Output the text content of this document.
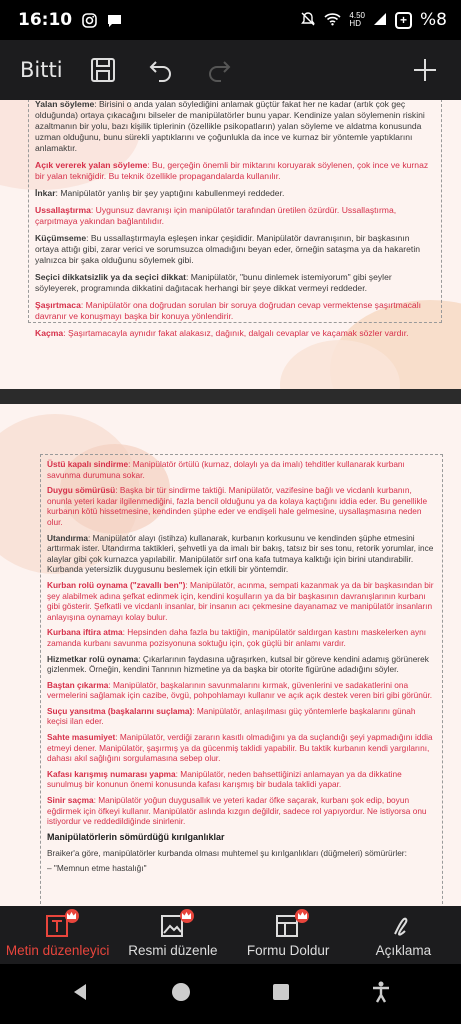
16:10	4.50
HD	+ %8
Bitti
Yalan söyleme: Birisini o anda yalan söylediğini anlamak güçtür fakat her ne kadar (artık çok geç olduğunda) ortaya çıkacağını bilseler de manipülatörler bunu yapar. Kendinize yalan söylemenin riskini azaltmanın bir yolu, bazı kişilik tiplerinin (özellikle psikopatların) yalan söyleme ve aldatma konusunda uzman olduğunu, bunu sürekli yaptıklarını ve çoğunlukla da ince ve kurnaz bir yöntemle yaptıklarını anlamaktır.
Açık vererek yalan söyleme: Bu, gerçeğin önemli bir miktarını koruyarak söylenen, çok ince ve kurnaz bir yalan tekniğidir. Bu teknik özellikle propagandalarda kullanılır.
İnkar: Manipülatör yanlış bir şey yaptığını kabullenmeyi reddeder.
Ussallaştırma: Uygunsuz davranışı için manipülatör tarafından üretilen özürdür. Ussallaştırma, çarpıtmaya yakından bağlantılıdır.
Küçümseme: Bu ussallaştırmayla eşleşen inkar çeşididir. Manipülatör davranışının, bir başkasının ortaya attığı gibi, zarar verici ve sorumsuzca olmadığını beyan eder, örneğin sataşma ya da hakaretin yalnızca bir şaka olduğunu söylemek gibi.
Seçici dikkatsizlik ya da seçici dikkat: Manipülatör, "bunu dinlemek istemiyorum" gibi şeyler söyleyerek, programında dikkatini dağıtacak herhangi bir şeye dikkat vermeyi reddeder.
Şaşırtmaca: Manipülatör ona doğrudan sorulan bir soruya doğrudan cevap vermektense şaşırtmacalı davranır ve konuşmayı başka bir konuya yönlendirir.
Kaçma: Şaşırtamacayla aynıdır fakat alakasız, dağınık, dalgalı cevaplar ve kaçamak sözler vardır.
Üstü kapalı sindirme: Manipülatör örtülü (kurnaz, dolaylı ya da imalı) tehditler kullanarak kurbanı savunma durumuna sokar.
Duygu sömürüsü: Başka bir tür sindirme taktiği. Manipülatör, vazifesine bağlı ve vicdanlı kurbanın, onunla yeteri kadar ilgilenmediğini, fazla bencil olduğunu ya da kolaya kaçtığını iddia eder. Bu genellikle kurbanın kötü hissetmesine, kendinden şüphe eder ve endişeli hale gelmesine, uysallaşmasına neden olur.
Utandırma: Manipülatör alayı (istihza) kullanarak, kurbanın korkusunu ve kendinden şüphe etmesini arttırmak ister. Utandırma taktikleri, şehvetli ya da imalı bir bakış, tatsız bir ses tonu, retorik yorumlar, ince alaylar gibi çok kurnazca yapılabilir. Manipülatör sırf ona kafa tutmaya kalktığı için birini utandırabilir. Kurbanda yetersizlik duygusunu beslemek için etkili bir yöntemdir.
Kurban rolü oynama ("zavallı ben"): Manipülatör, acınma, sempati kazanmak ya da bir başkasından bir şey alabilmek adına şefkat edinmek için, kendini koşulların ya da bir başkasının davranışlarının kurbanı gibi gösterir. Şefkatli ve vicdanlı insanlar, bir insanın acı çekmesine dayanamaz ve manipülatör insanların anlayışına oynamayı kolay bulur.
Kurbana iftira atma: Hepsinden daha fazla bu taktiğin, manipülatör saldırgan kastını maskelerken aynı zamanda kurbanı savunma pozisyonuna soktuğu için, çok güçlü bir anlamı vardır.
Hizmetkar rolü oynama: Çıkarlarının faydasına uğraşırken, kutsal bir göreve kendini adamış görünerek gizlenmek. Örneğin, kendini Tanrının hizmetine ya da başka bir otorite figürüne adadığını söyler.
Baştan çıkarma: Manipülatör, başkalarının savunmalarını kırmak, güvenlerini ve sadakatlerini ona vermelerini sağlamak için cazibe, övgü, pohpohlamayı kullanır ve açık açık destek veren biri gibi görünür.
Suçu yansıtma (başkalarını suçlama): Manipülatör, anlaşılması güç yöntemlerle başkalarını günah keçisi ilan eder.
Sahte masumiyet: Manipülatör, verdiği zararın kasıtlı olmadığını ya da suçlandığı şeyi yapmadığını iddia etmeyi dener. Manipülatör, şaşırmış ya da gücenmiş taklidi yapabilir. Bu taktik kurbanın kendi yargılarını, dahası akıl sağlığını sorgulamasına sebep olur.
Kafası karışmış numarası yapma: Manipülatör, neden bahsettiğinizi anlamayan ya da dikkatine sunulmuş bir konunun önemi konusunda kafası karışmış bir budala taklidi yapar.
Sinir saçma: Manipülatör yoğun duygusallık ve yeteri kadar öfke saçarak, kurbanı şok edip, boyun eğdirmek için öfkeyi kullanır. Manipülatör aslında kızgın değildir, sadece rol yapıyordur. Ne istiyorsa onu istiyordur ve reddedildiğinde sinirlenir.
Manipülatörlerin sömürdüğü kırılganlıklar
Braiker'a göre, manipülatörler kurbanda olması muhtemel şu kırılganlıkları (düğmeleri) sömürürler:
– "Memnun etme hastalığı"
Metin düzenleyici Resmi düzenle Formu Doldur	Açıklama
